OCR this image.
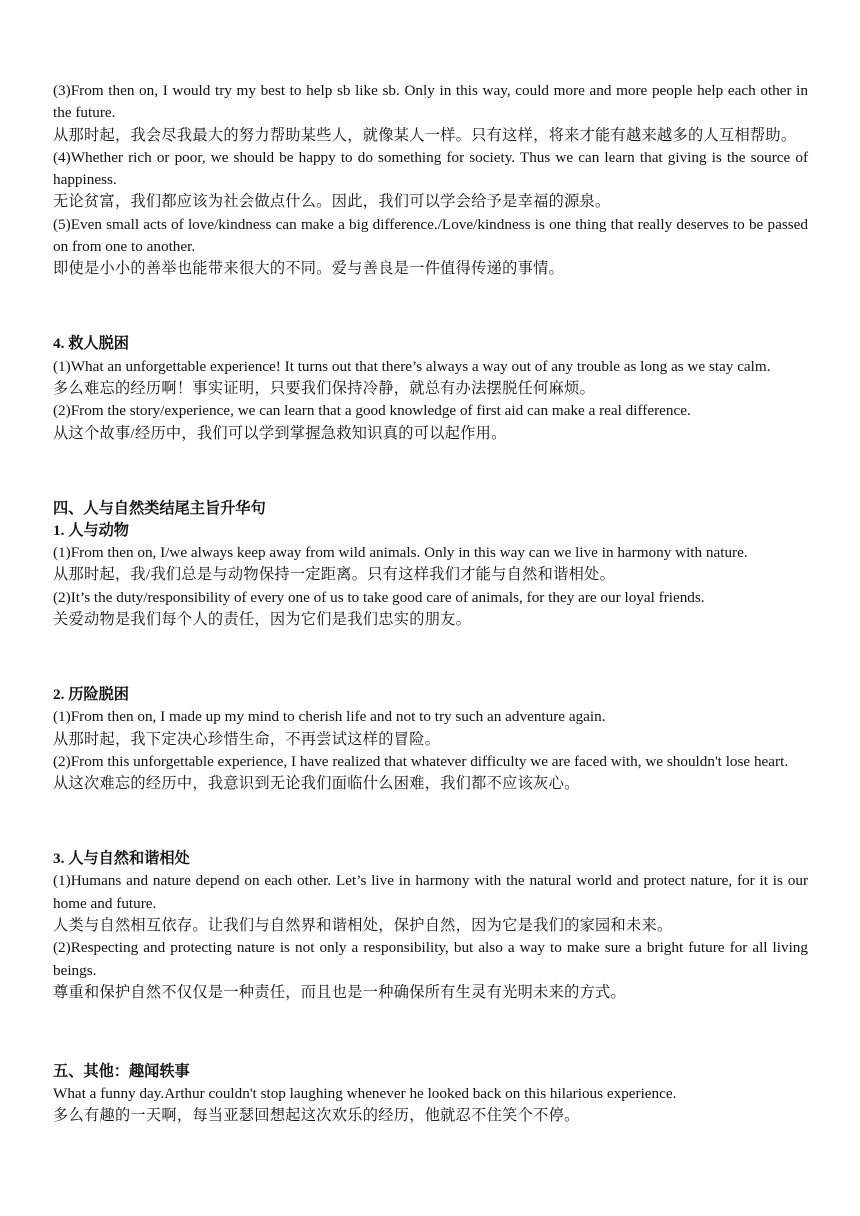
(3)From then on, I would try my best to help sb like sb. Only in this way, could more and more people help each other in the future.

从那时起，我会尽我最大的努力帮助某些人，就像某人一样。只有这样，将来才能有越来越多的人互相帮助。

(4)Whether rich or poor, we should be happy to do something for society. Thus we can learn that giving is the source of happiness.

无论贫富，我们都应该为社会做点什么。因此，我们可以学会给予是幸福的源泉。

(5)Even small acts of love/kindness can make a big difference./Love/kindness is one thing that really deserves to be passed on from one to another.

即使是小小的善举也能带来很大的不同。爱与善良是一件值得传递的事情。

4. 救人脱困

(1)What an unforgettable experience! It turns out that there’s always a way out of any trouble as long as we stay calm.

多么难忘的经历啊！事实证明，只要我们保持冷静，就总有办法摆脱任何麻烦。

(2)From the story/experience, we can learn that a good knowledge of first aid can make a real difference.

从这个故事/经历中，我们可以学到掌握急救知识真的可以起作用。

四、人与自然类结尾主旨升华句

1. 人与动物

(1)From then on, I/we always keep away from wild animals. Only in this way can we live in harmony with nature.

从那时起，我/我们总是与动物保持一定距离。只有这样我们才能与自然和谐相处。

(2)It’s the duty/responsibility of every one of us to take good care of animals, for they are our loyal friends.

关爱动物是我们每个人的责任，因为它们是我们忠实的朋友。

2. 历险脱困

(1)From then on, I made up my mind to cherish life and not to try such an adventure again.

从那时起，我下定决心珍惜生命，不再尝试这样的冒险。

(2)From this unforgettable experience, I have realized that whatever difficulty we are faced with, we shouldn't lose heart.

从这次难忘的经历中，我意识到无论我们面临什么困难，我们都不应该灰心。

3. 人与自然和谐相处

(1)Humans and nature depend on each other. Let’s live in harmony with the natural world and protect nature, for it is our home and future.

人类与自然相互依存。让我们与自然界和谐相处，保护自然，因为它是我们的家园和未来。

(2)Respecting and protecting nature is not only a responsibility, but also a way to make sure a bright future for all living beings.

尊重和保护自然不仅仅是一种责任，而且也是一种确保所有生灵有光明未来的方式。

五、其他：趣闻轶事

What a funny day.Arthur couldn't stop laughing whenever he looked back on this hilarious experience.

多么有趣的一天啊，每当亚瑟回想起这次欢乐的经历，他就忍不住笑个不停。
